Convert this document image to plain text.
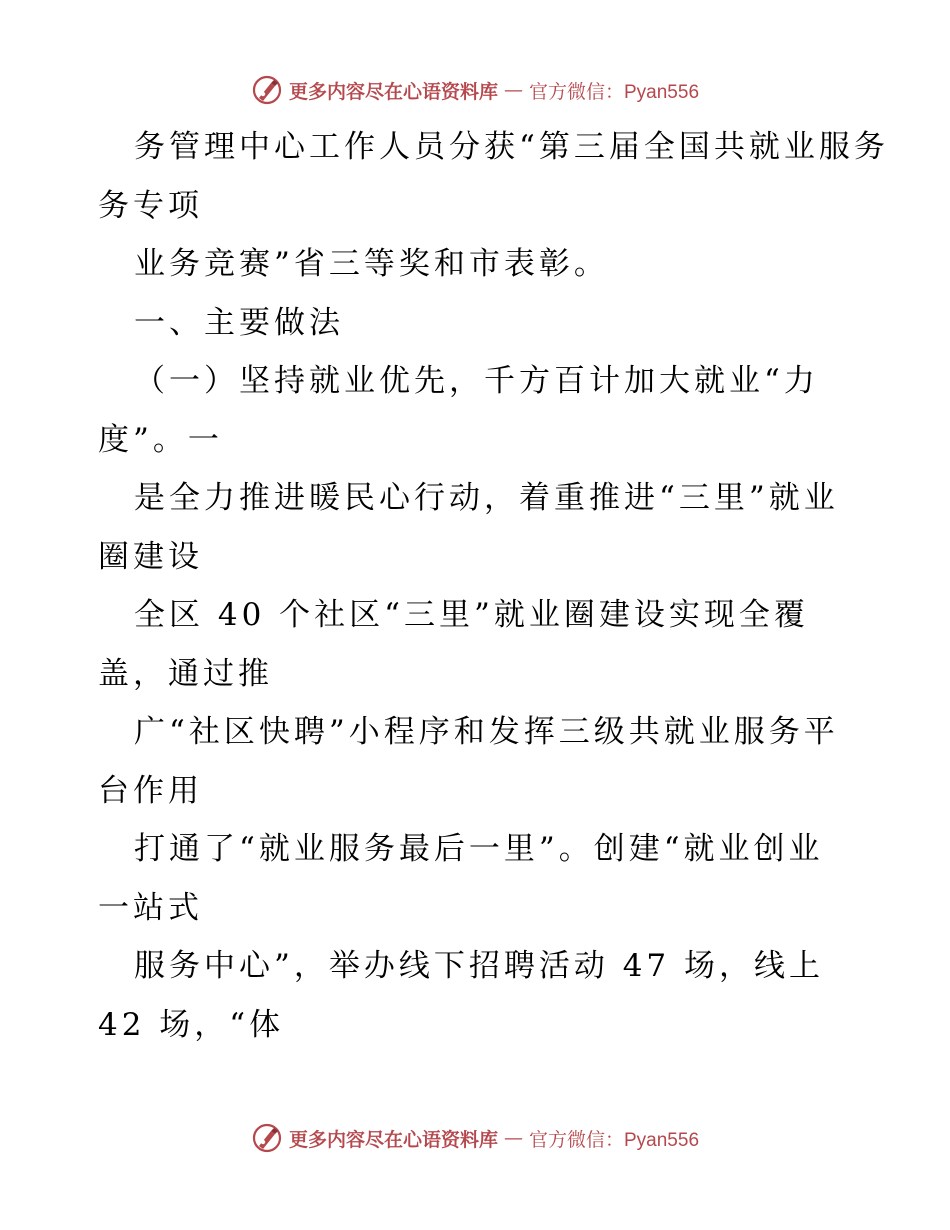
更多内容尽在心语资料库 — 官方微信：Pyan556
务管理中心工作人员分获“第三届全国共就业服务
务专项
业务竞赛”省三等奖和市表彰。
一、主要做法
（一）坚持就业优先，千方百计加大就业“力
度”。一
是全力推进暖民心行动，着重推进“三里”就业
圈建设
全区 40 个社区“三里”就业圈建设实现全覆
盖，通过推
广“社区快聘”小程序和发挥三级共就业服务平
台作用
打通了“就业服务最后一里”。创建“就业创业
一站式
服务中心”，举办线下招聘活动 47 场，线上
42 场，“体
更多内容尽在心语资料库 — 官方微信：Pyan556
